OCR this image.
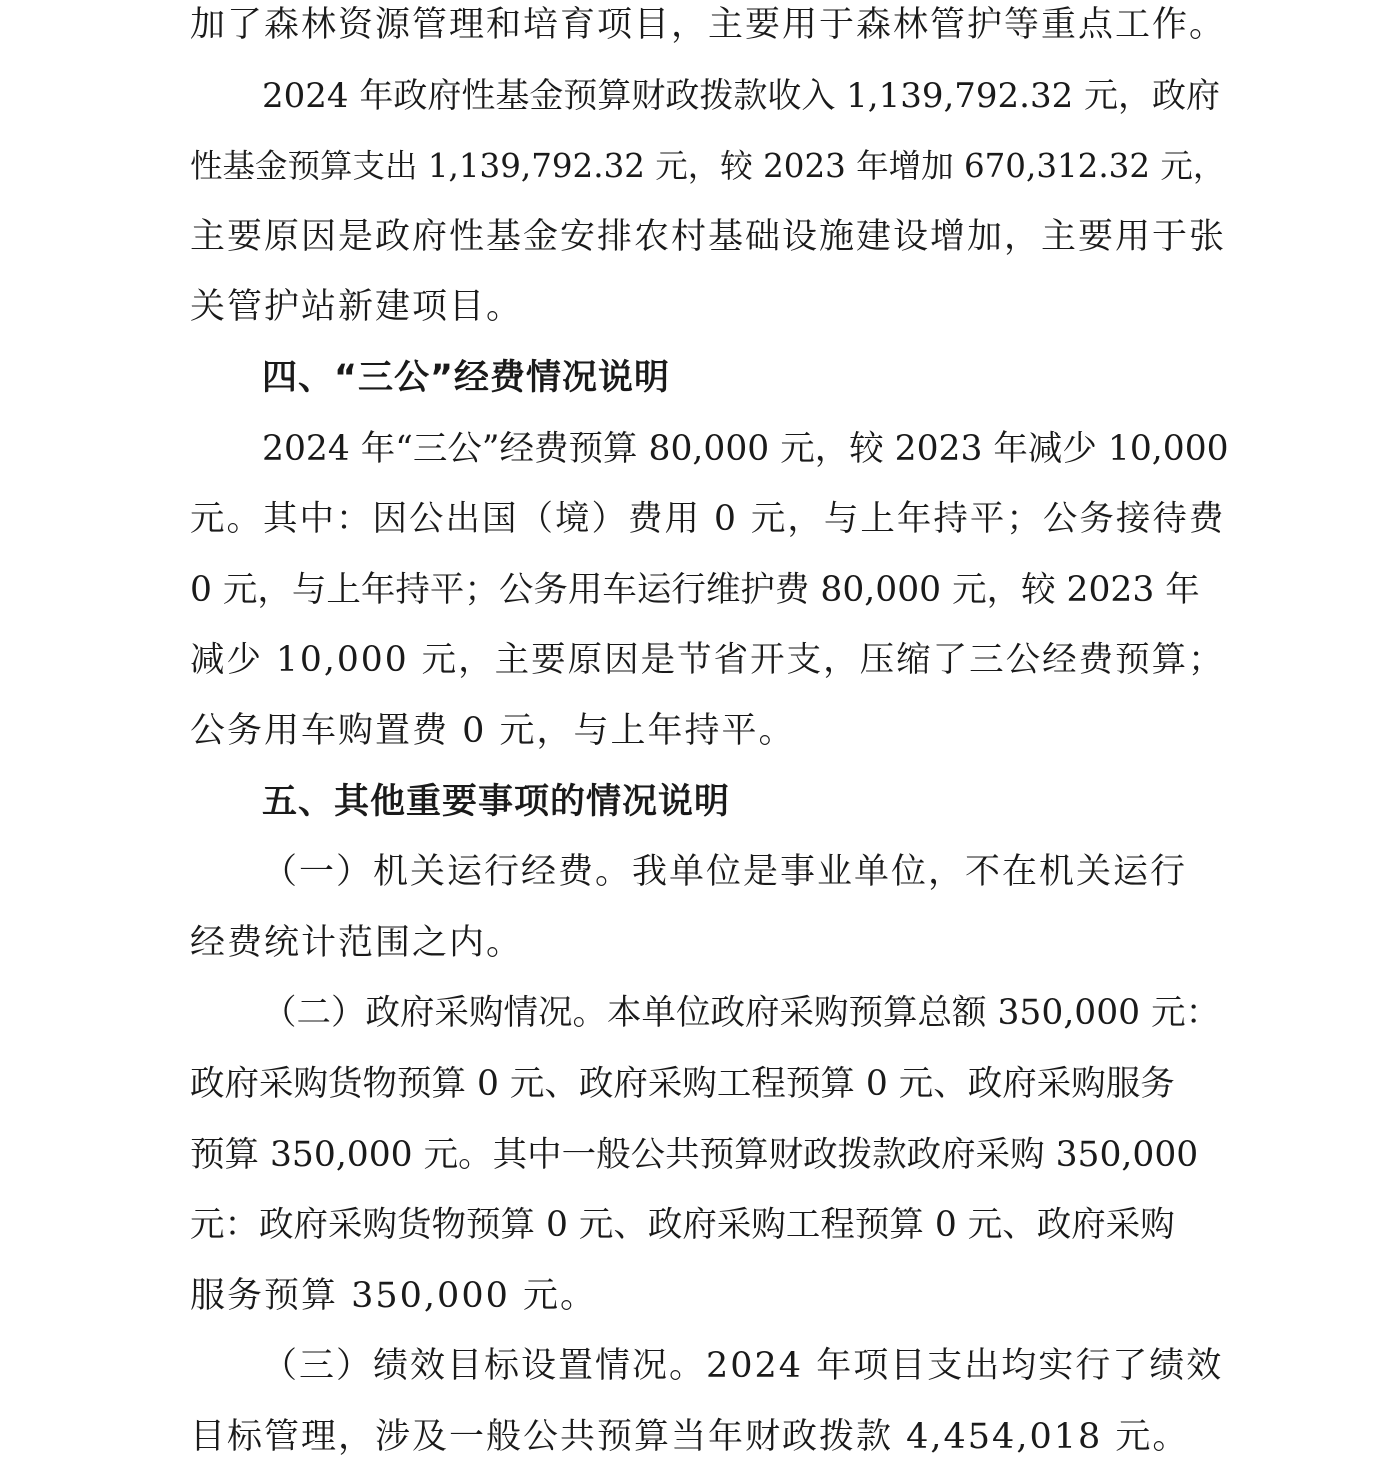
加了森林资源管理和培育项目，主要用于森林管护等重点工作。
2024 年政府性基金预算财政拨款收入 1,139,792.32 元，政府
性基金预算支出 1,139,792.32 元，较 2023 年增加 670,312.32 元，
主要原因是政府性基金安排农村基础设施建设增加，主要用于张
关管护站新建项目。
四、“三公”经费情况说明
2024 年“三公”经费预算 80,000 元，较 2023 年减少 10,000
元。其中：因公出国（境）费用 0 元，与上年持平；公务接待费
0 元，与上年持平；公务用车运行维护费 80,000 元，较 2023 年
减少 10,000 元，主要原因是节省开支，压缩了三公经费预算；
公务用车购置费 0 元，与上年持平。
五、其他重要事项的情况说明
（一）机关运行经费。我单位是事业单位，不在机关运行
经费统计范围之内。
（二）政府采购情况。本单位政府采购预算总额 350,000 元：
政府采购货物预算 0 元、政府采购工程预算 0 元、政府采购服务
预算 350,000 元。其中一般公共预算财政拨款政府采购 350,000
元：政府采购货物预算 0 元、政府采购工程预算 0 元、政府采购
服务预算 350,000 元。
（三）绩效目标设置情况。2024 年项目支出均实行了绩效
目标管理，涉及一般公共预算当年财政拨款 4,454,018 元。
